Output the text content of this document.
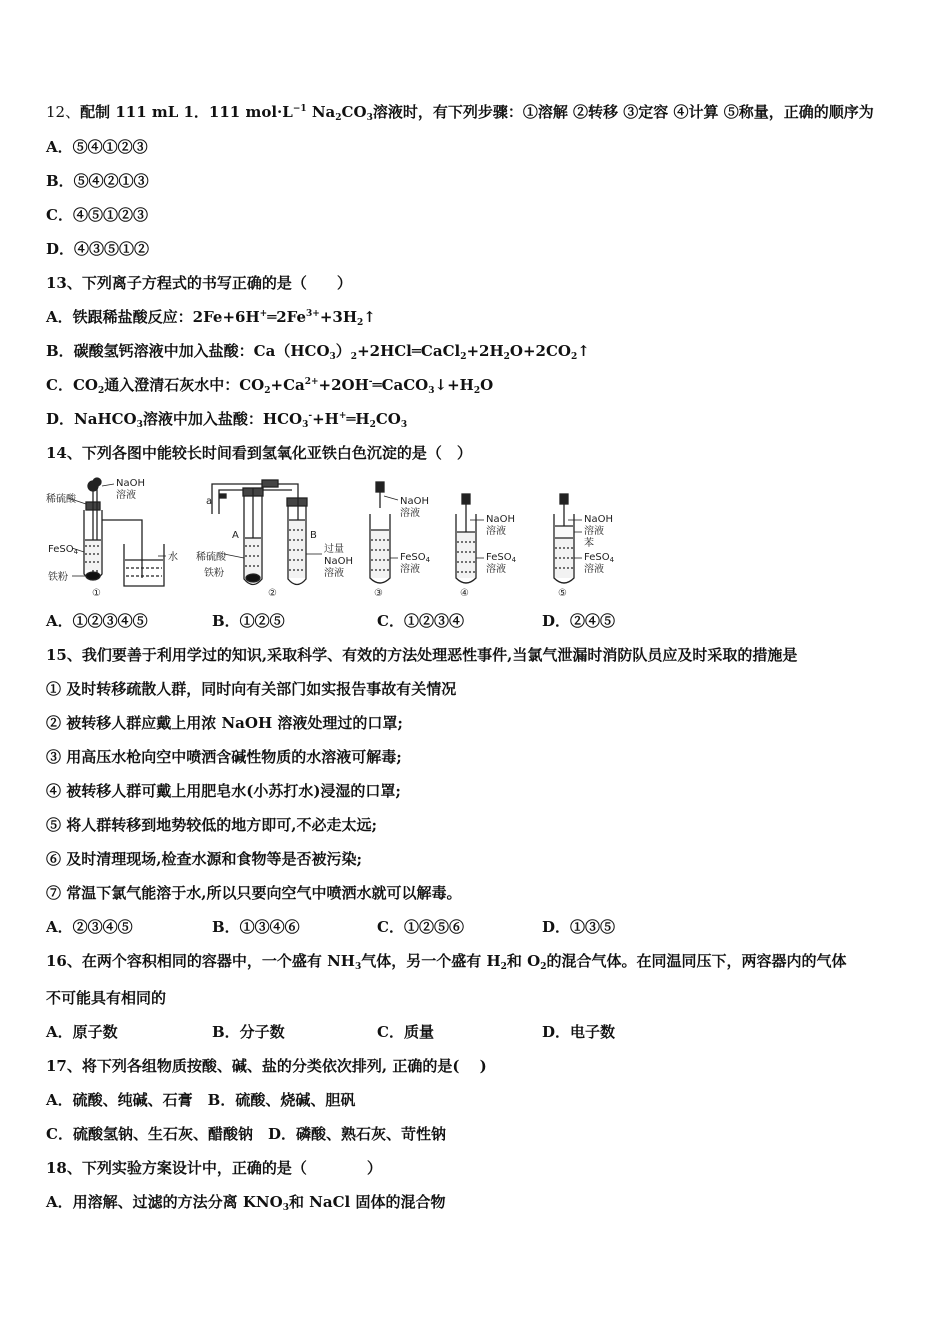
12、配制 111 mL 1．111 $mol\cdot L^{-1}$ $Na_2CO_3$溶液时，有下列步骤：①溶解 ②转移 ③定容 ④计算 ⑤称量，正确的顺序为
A．⑤④①②③
B．⑤④②①③
C．④⑤①②③
D．④③⑤①②
13、下列离子方程式的书写正确的是（　　）
A．铁跟稀盐酸反应：$2Fe+6H^+═2Fe^{3+}+3H_2↑$
B．碳酸氢钙溶液中加入盐酸：$Ca(HCO_3)_2+2HCl═CaCl_2+2H_2O+2CO_2↑$
C．$CO_2$通入澄清石灰水中：$CO_2+Ca^{2+}+2OH^-═CaCO_3↓+H_2O$
D．NaHCO$_3$溶液中加入盐酸：$HCO_3^-+H^+═H_2CO_3$
14、下列各图中能较长时间看到氢氧化亚铁白色沉淀的是（　）
稀硫酸
NaOH
溶液
FeSO$_4$	水
铁粉
①
a
A	B
稀硫酸
铁粉
过量
NaOH
溶液
②
NaOH
溶液
FeSO$_4$
溶液
③
NaOH
溶液
FeSO$_4$
溶液
④
NaOH
溶液
苯
FeSO$_4$
溶液
⑤
A．①②③④⑤	B．①②⑤	C．①②③④	D．②④⑤
15、我们要善于利用学过的知识,采取科学、有效的方法处理恶性事件,当氯气泄漏时消防队员应及时采取的措施是
① 及时转移疏散人群，同时向有关部门如实报告事故有关情况
② 被转移人群应戴上用浓 NaOH 溶液处理过的口罩;
③ 用高压水枪向空中喷洒含碱性物质的水溶液可解毒;
④ 被转移人群可戴上用肥皂水(小苏打水)浸湿的口罩;
⑤ 将人群转移到地势较低的地方即可,不必走太远;
⑥ 及时清理现场,检查水源和食物等是否被污染;
⑦ 常温下氯气能溶于水,所以只要向空气中喷洒水就可以解毒。
A．②③④⑤	B．①③④⑥	C．①②⑤⑥	D．①③⑤
16、在两个容积相同的容器中，一个盛有 $NH_3$气体，另一个盛有 $H_2$和 $O_2$的混合气体。在同温同压下，两容器内的气体
不可能具有相同的
A．原子数	B．分子数	C．质量	D．电子数
17、将下列各组物质按酸、碱、盐的分类依次排列, 正确的是(　 )
A．硫酸、纯碱、石膏　B．硫酸、烧碱、胆矾
C．硫酸氢钠、生石灰、醋酸钠　D．磷酸、熟石灰、苛性钠
18、下列实验方案设计中，正确的是（　　　　）
A．用溶解、过滤的方法分离 $KNO_3$和 NaCl 固体的混合物
